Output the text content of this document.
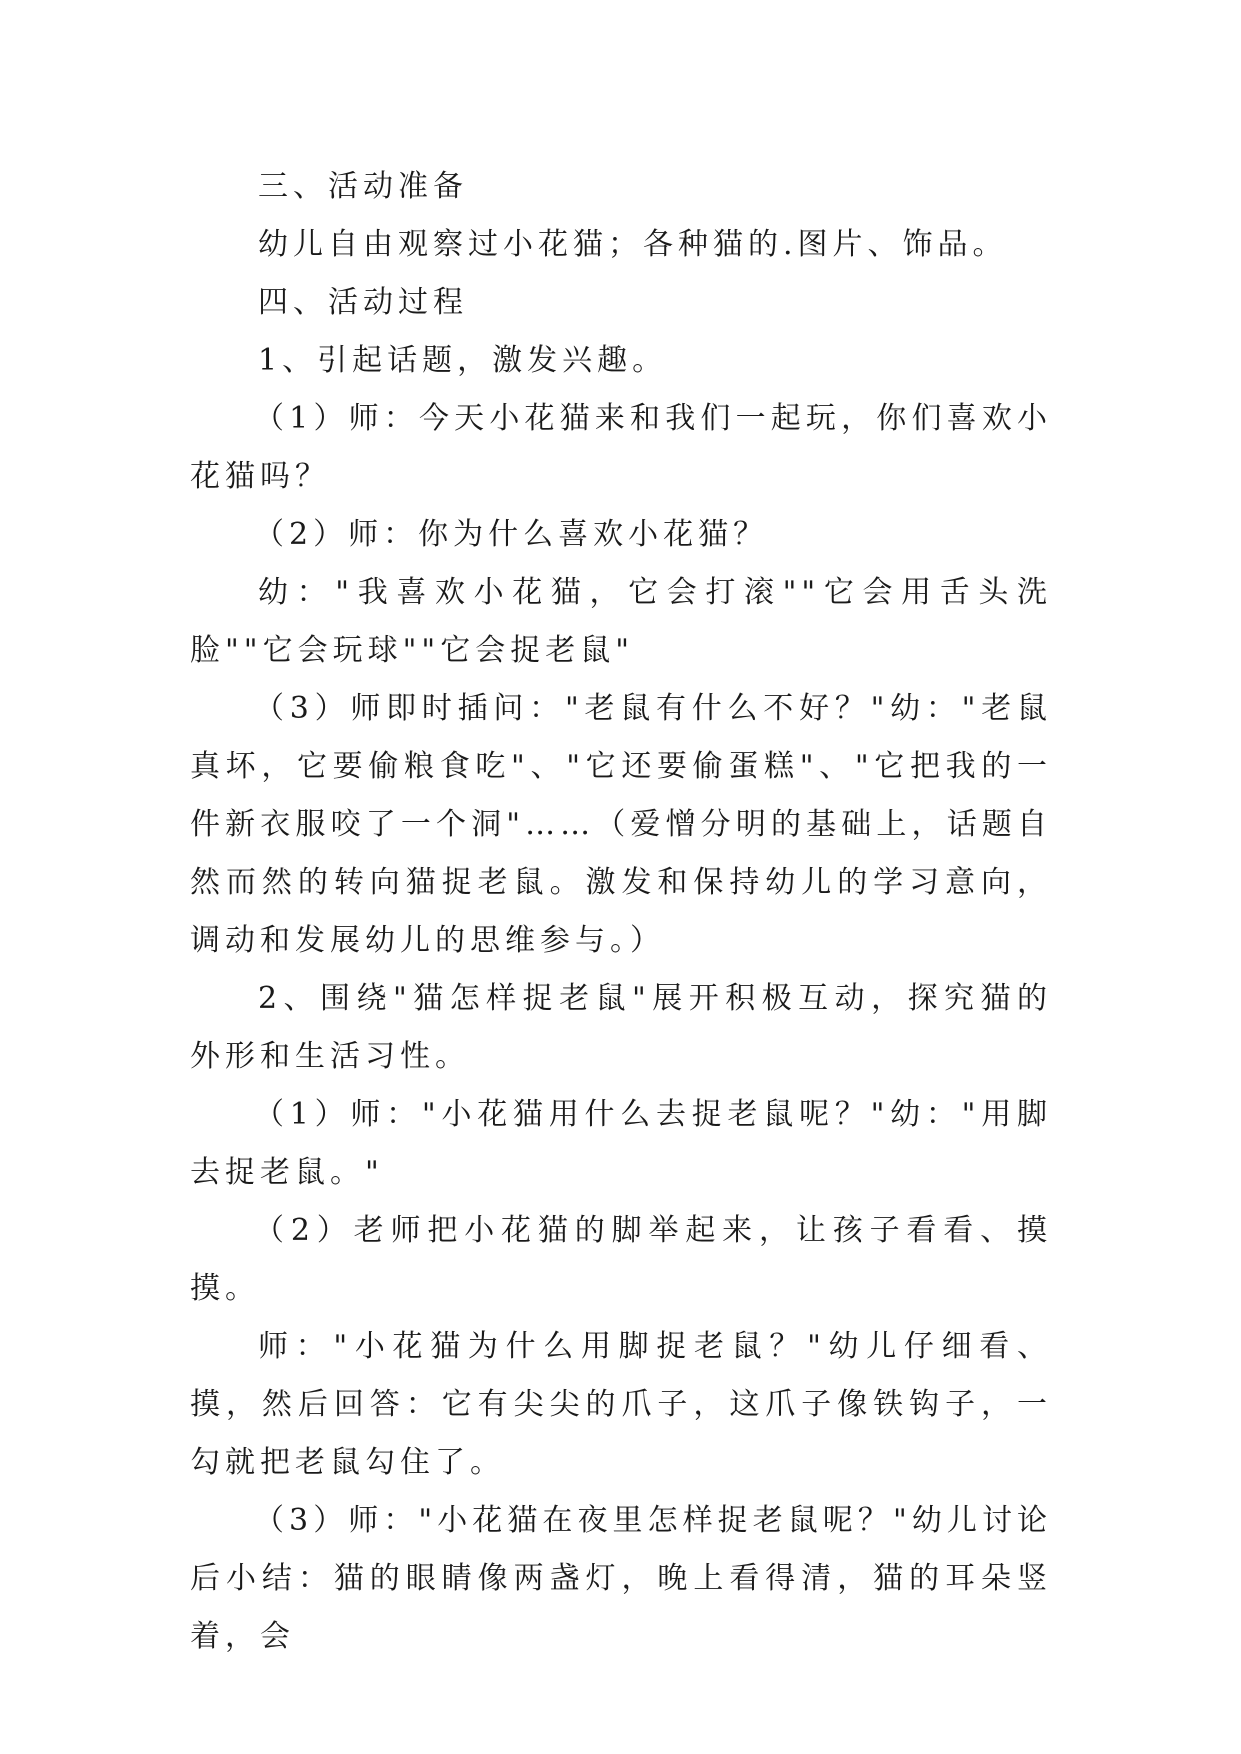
三、活动准备

幼儿自由观察过小花猫；各种猫的.图片、饰品。

四、活动过程

1、引起话题，激发兴趣。

（1）师：今天小花猫来和我们一起玩，你们喜欢小花猫吗？

（2）师：你为什么喜欢小花猫？

幼："我喜欢小花猫，它会打滚""它会用舌头洗脸""它会玩球""它会捉老鼠"

（3）师即时插问："老鼠有什么不好？"幼："老鼠真坏，它要偷粮食吃"、"它还要偷蛋糕"、"它把我的一件新衣服咬了一个洞"……（爱憎分明的基础上，话题自然而然的转向猫捉老鼠。激发和保持幼儿的学习意向，调动和发展幼儿的思维参与。）

2、围绕"猫怎样捉老鼠"展开积极互动，探究猫的外形和生活习性。

（1）师："小花猫用什么去捉老鼠呢？"幼："用脚去捉老鼠。"

（2）老师把小花猫的脚举起来，让孩子看看、摸摸。

师："小花猫为什么用脚捉老鼠？"幼儿仔细看、摸，然后回答：它有尖尖的爪子，这爪子像铁钩子，一勾就把老鼠勾住了。

（3）师："小花猫在夜里怎样捉老鼠呢？"幼儿讨论后小结：猫的眼睛像两盏灯，晚上看得清，猫的耳朵竖着，会
